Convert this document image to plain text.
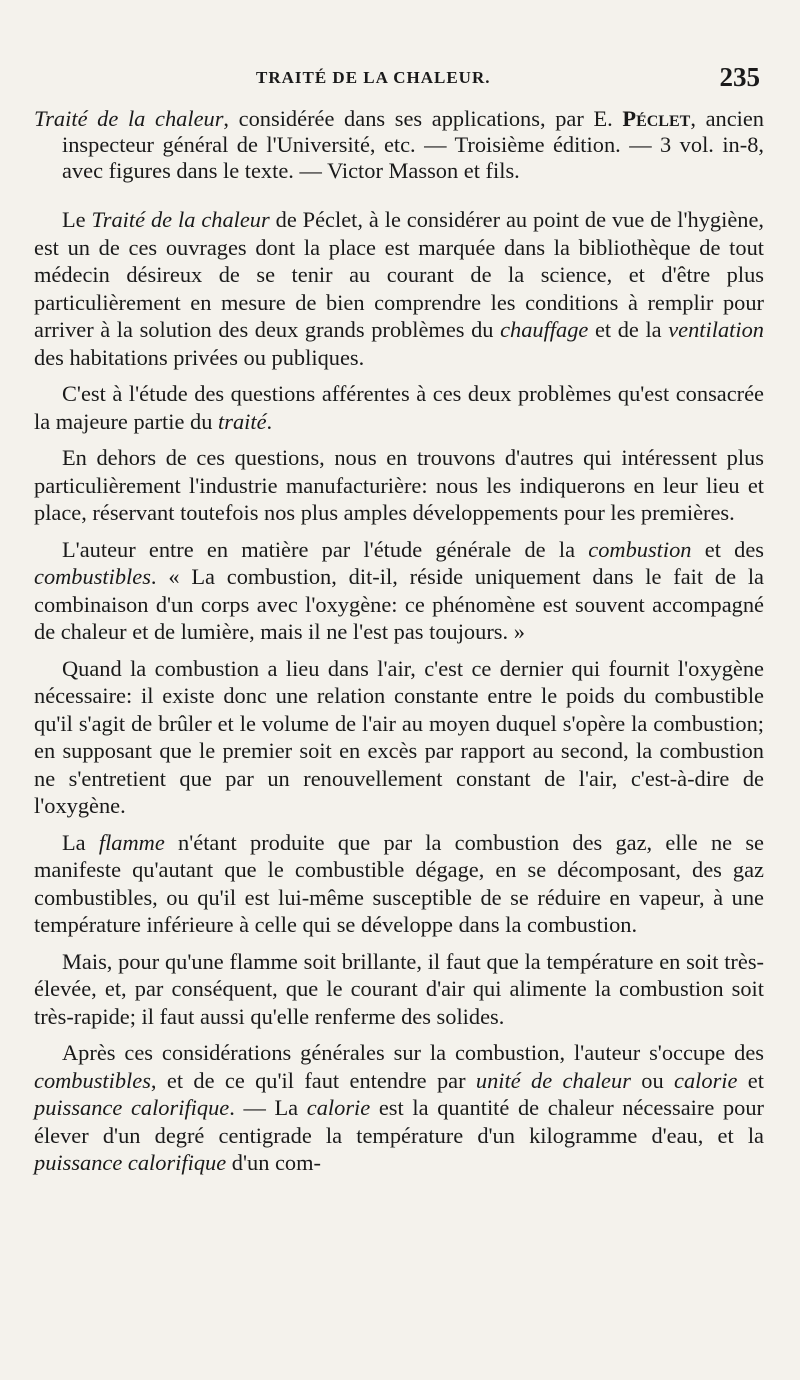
TRAITÉ DE LA CHALEUR.	235

Traité de la chaleur, considérée dans ses applications, par E. Péclet, ancien inspecteur général de l'Université, etc. — Troisième édition. — 3 vol. in-8, avec figures dans le texte. — Victor Masson et fils.

Le Traité de la chaleur de Péclet, à le considérer au point de vue de l'hygiène, est un de ces ouvrages dont la place est marquée dans la bibliothèque de tout médecin désireux de se tenir au courant de la science, et d'être plus particulièrement en mesure de bien comprendre les conditions à remplir pour arriver à la solution des deux grands problèmes du chauffage et de la ventilation des habitations privées ou publiques.

C'est à l'étude des questions afférentes à ces deux problèmes qu'est consacrée la majeure partie du traité.

En dehors de ces questions, nous en trouvons d'autres qui intéressent plus particulièrement l'industrie manufacturière: nous les indiquerons en leur lieu et place, réservant toutefois nos plus amples développements pour les premières.

L'auteur entre en matière par l'étude générale de la combustion et des combustibles. « La combustion, dit-il, réside uniquement dans le fait de la combinaison d'un corps avec l'oxygène: ce phénomène est souvent accompagné de chaleur et de lumière, mais il ne l'est pas toujours. »

Quand la combustion a lieu dans l'air, c'est ce dernier qui fournit l'oxygène nécessaire: il existe donc une relation constante entre le poids du combustible qu'il s'agit de brûler et le volume de l'air au moyen duquel s'opère la combustion; en supposant que le premier soit en excès par rapport au second, la combustion ne s'entretient que par un renouvellement constant de l'air, c'est-à-dire de l'oxygène.

La flamme n'étant produite que par la combustion des gaz, elle ne se manifeste qu'autant que le combustible dégage, en se décomposant, des gaz combustibles, ou qu'il est lui-même susceptible de se réduire en vapeur, à une température inférieure à celle qui se développe dans la combustion.

Mais, pour qu'une flamme soit brillante, il faut que la température en soit très-élevée, et, par conséquent, que le courant d'air qui alimente la combustion soit très-rapide; il faut aussi qu'elle renferme des solides.

Après ces considérations générales sur la combustion, l'auteur s'occupe des combustibles, et de ce qu'il faut entendre par unité de chaleur ou calorie et puissance calorifique. — La calorie est la quantité de chaleur nécessaire pour élever d'un degré centigrade la température d'un kilogramme d'eau, et la puissance calorifique d'un com-
